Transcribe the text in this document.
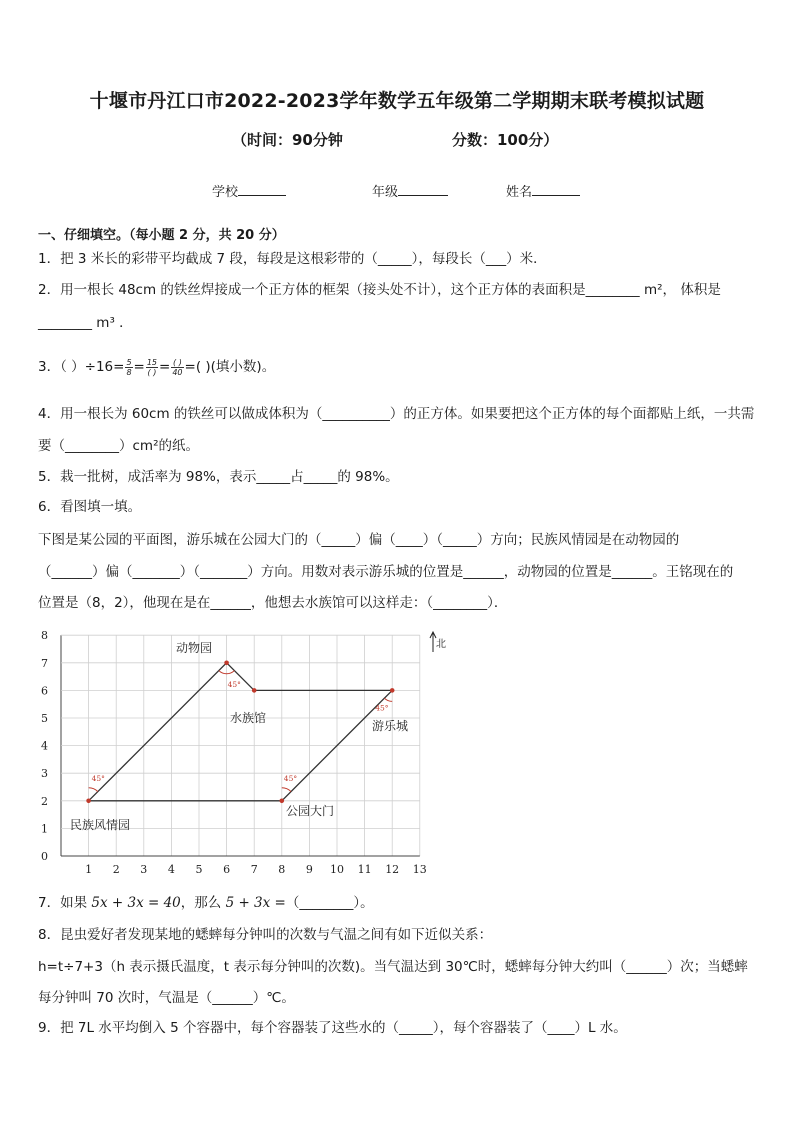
十堰市丹江口市2022-2023学年数学五年级第二学期期末联考模拟试题
（时间：90分钟	分数：100分）
学校	年级	姓名
一、仔细填空。（每小题 2 分，共 20 分）
1．把 3 米长的彩带平均截成 7 段，每段是这根彩带的（_____），每段长（___）米．
2．用一根长 48cm 的铁丝焊接成一个正方体的框架（接头处不计），这个正方体的表面积是________ m²， 体积是
________ m³ ．
3．（ ）$\div 16= \frac{5}{8} = \frac{15}{( )} = \frac{( )}{40}$ =( )(填小数)。
4．用一根长为 60cm 的铁丝可以做成体积为（__________）的正方体。如果要把这个正方体的每个面都贴上纸，一共需
要（________）cm²的纸。
5．栽一批树，成活率为 98%，表示_____占_____的 98%。
6．看图填一填。
下图是某公园的平面图，游乐城在公园大门的（_____）偏（____）（_____）方向；民族风情园是在动物园的
（______）偏（_______）（_______）方向。用数对表示游乐城的位置是______，动物园的位置是______。王铭现在的
位置是（8，2），他现在是在______，他想去水族馆可以这样走：（________）．
1 2 3 4 5 6 7 8 9 10 11 12 13
0
1
2
3
4
5
6
7
8
北
45°	45°
45°
45°
动物园
水族馆
游乐城
民族风情园
公园大门
7．如果 5x + 3x = 40，那么 5 + 3x =（________）。
8．昆虫爱好者发现某地的蟋蟀每分钟叫的次数与气温之间有如下近似关系：
h=t÷7+3（h 表示摄氏温度，t 表示每分钟叫的次数)。当气温达到 30℃时，蟋蟀每分钟大约叫（______）次；当蟋蟀
每分钟叫 70 次时，气温是（______）℃。
9．把 7L 水平均倒入 5 个容器中，每个容器装了这些水的（_____），每个容器装了（____）L 水。
